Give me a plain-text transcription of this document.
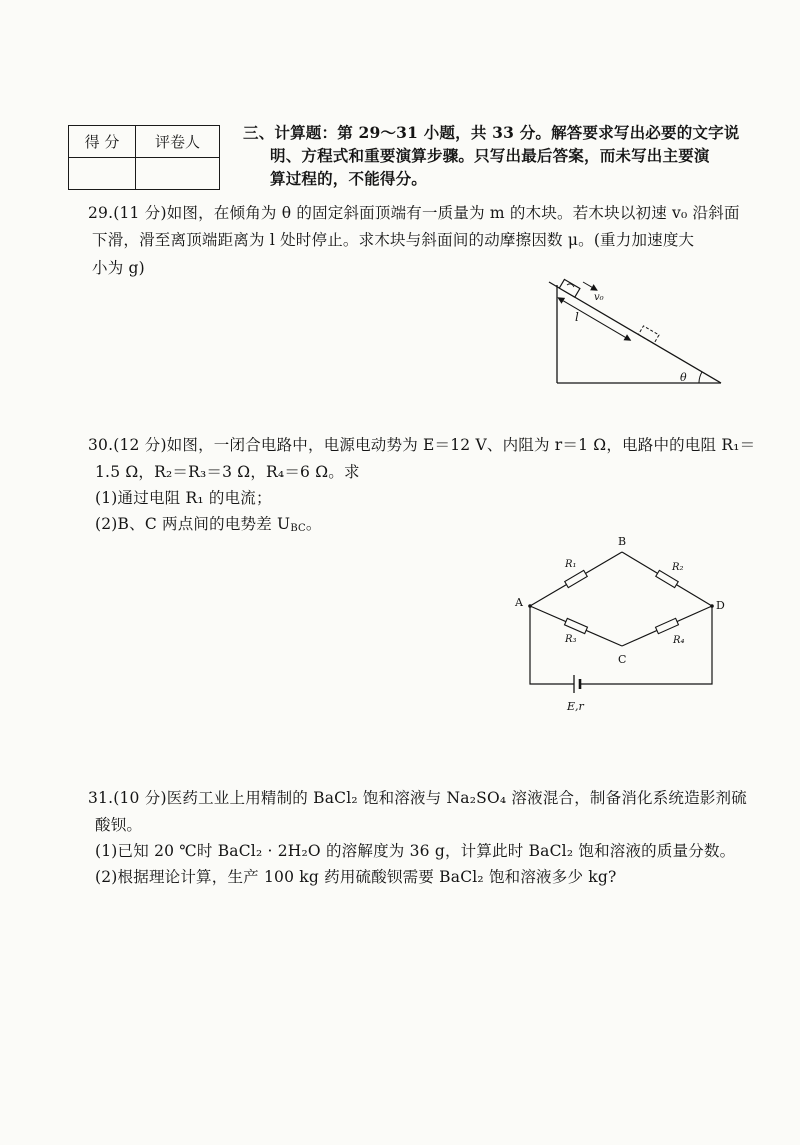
得 分	评卷人
		三、计算题：第 29～31 小题，共 33 分。解答要求写出必要的文字说
明、方程式和重要演算步骤。只写出最后答案，而未写出主要演
算过程的，不能得分。
29.(11 分)如图，在倾角为 θ 的固定斜面顶端有一质量为 m 的木块。若木块以初速 v₀ 沿斜面
下滑，滑至离顶端距离为 l 处时停止。求木块与斜面间的动摩擦因数 μ。(重力加速度大
小为 g)
v₀
l
θ
30.(12 分)如图，一闭合电路中，电源电动势为 E＝12 V、内阻为 r＝1 Ω，电路中的电阻 R₁＝
1.5 Ω，R₂＝R₃＝3 Ω，R₄＝6 Ω。求
(1)通过电阻 R₁ 的电流；
(2)B、C 两点间的电势差 $U_{BC}$。
R₁	R₂
R₃	R₄
A
B
C
D
E,r
31.(10 分)医药工业上用精制的 BaCl₂ 饱和溶液与 Na₂SO₄ 溶液混合，制备消化系统造影剂硫
酸钡。
(1)已知 20 ℃时 BaCl₂ · 2H₂O 的溶解度为 36 g，计算此时 BaCl₂ 饱和溶液的质量分数。
(2)根据理论计算，生产 100 kg 药用硫酸钡需要 BaCl₂ 饱和溶液多少 kg?
